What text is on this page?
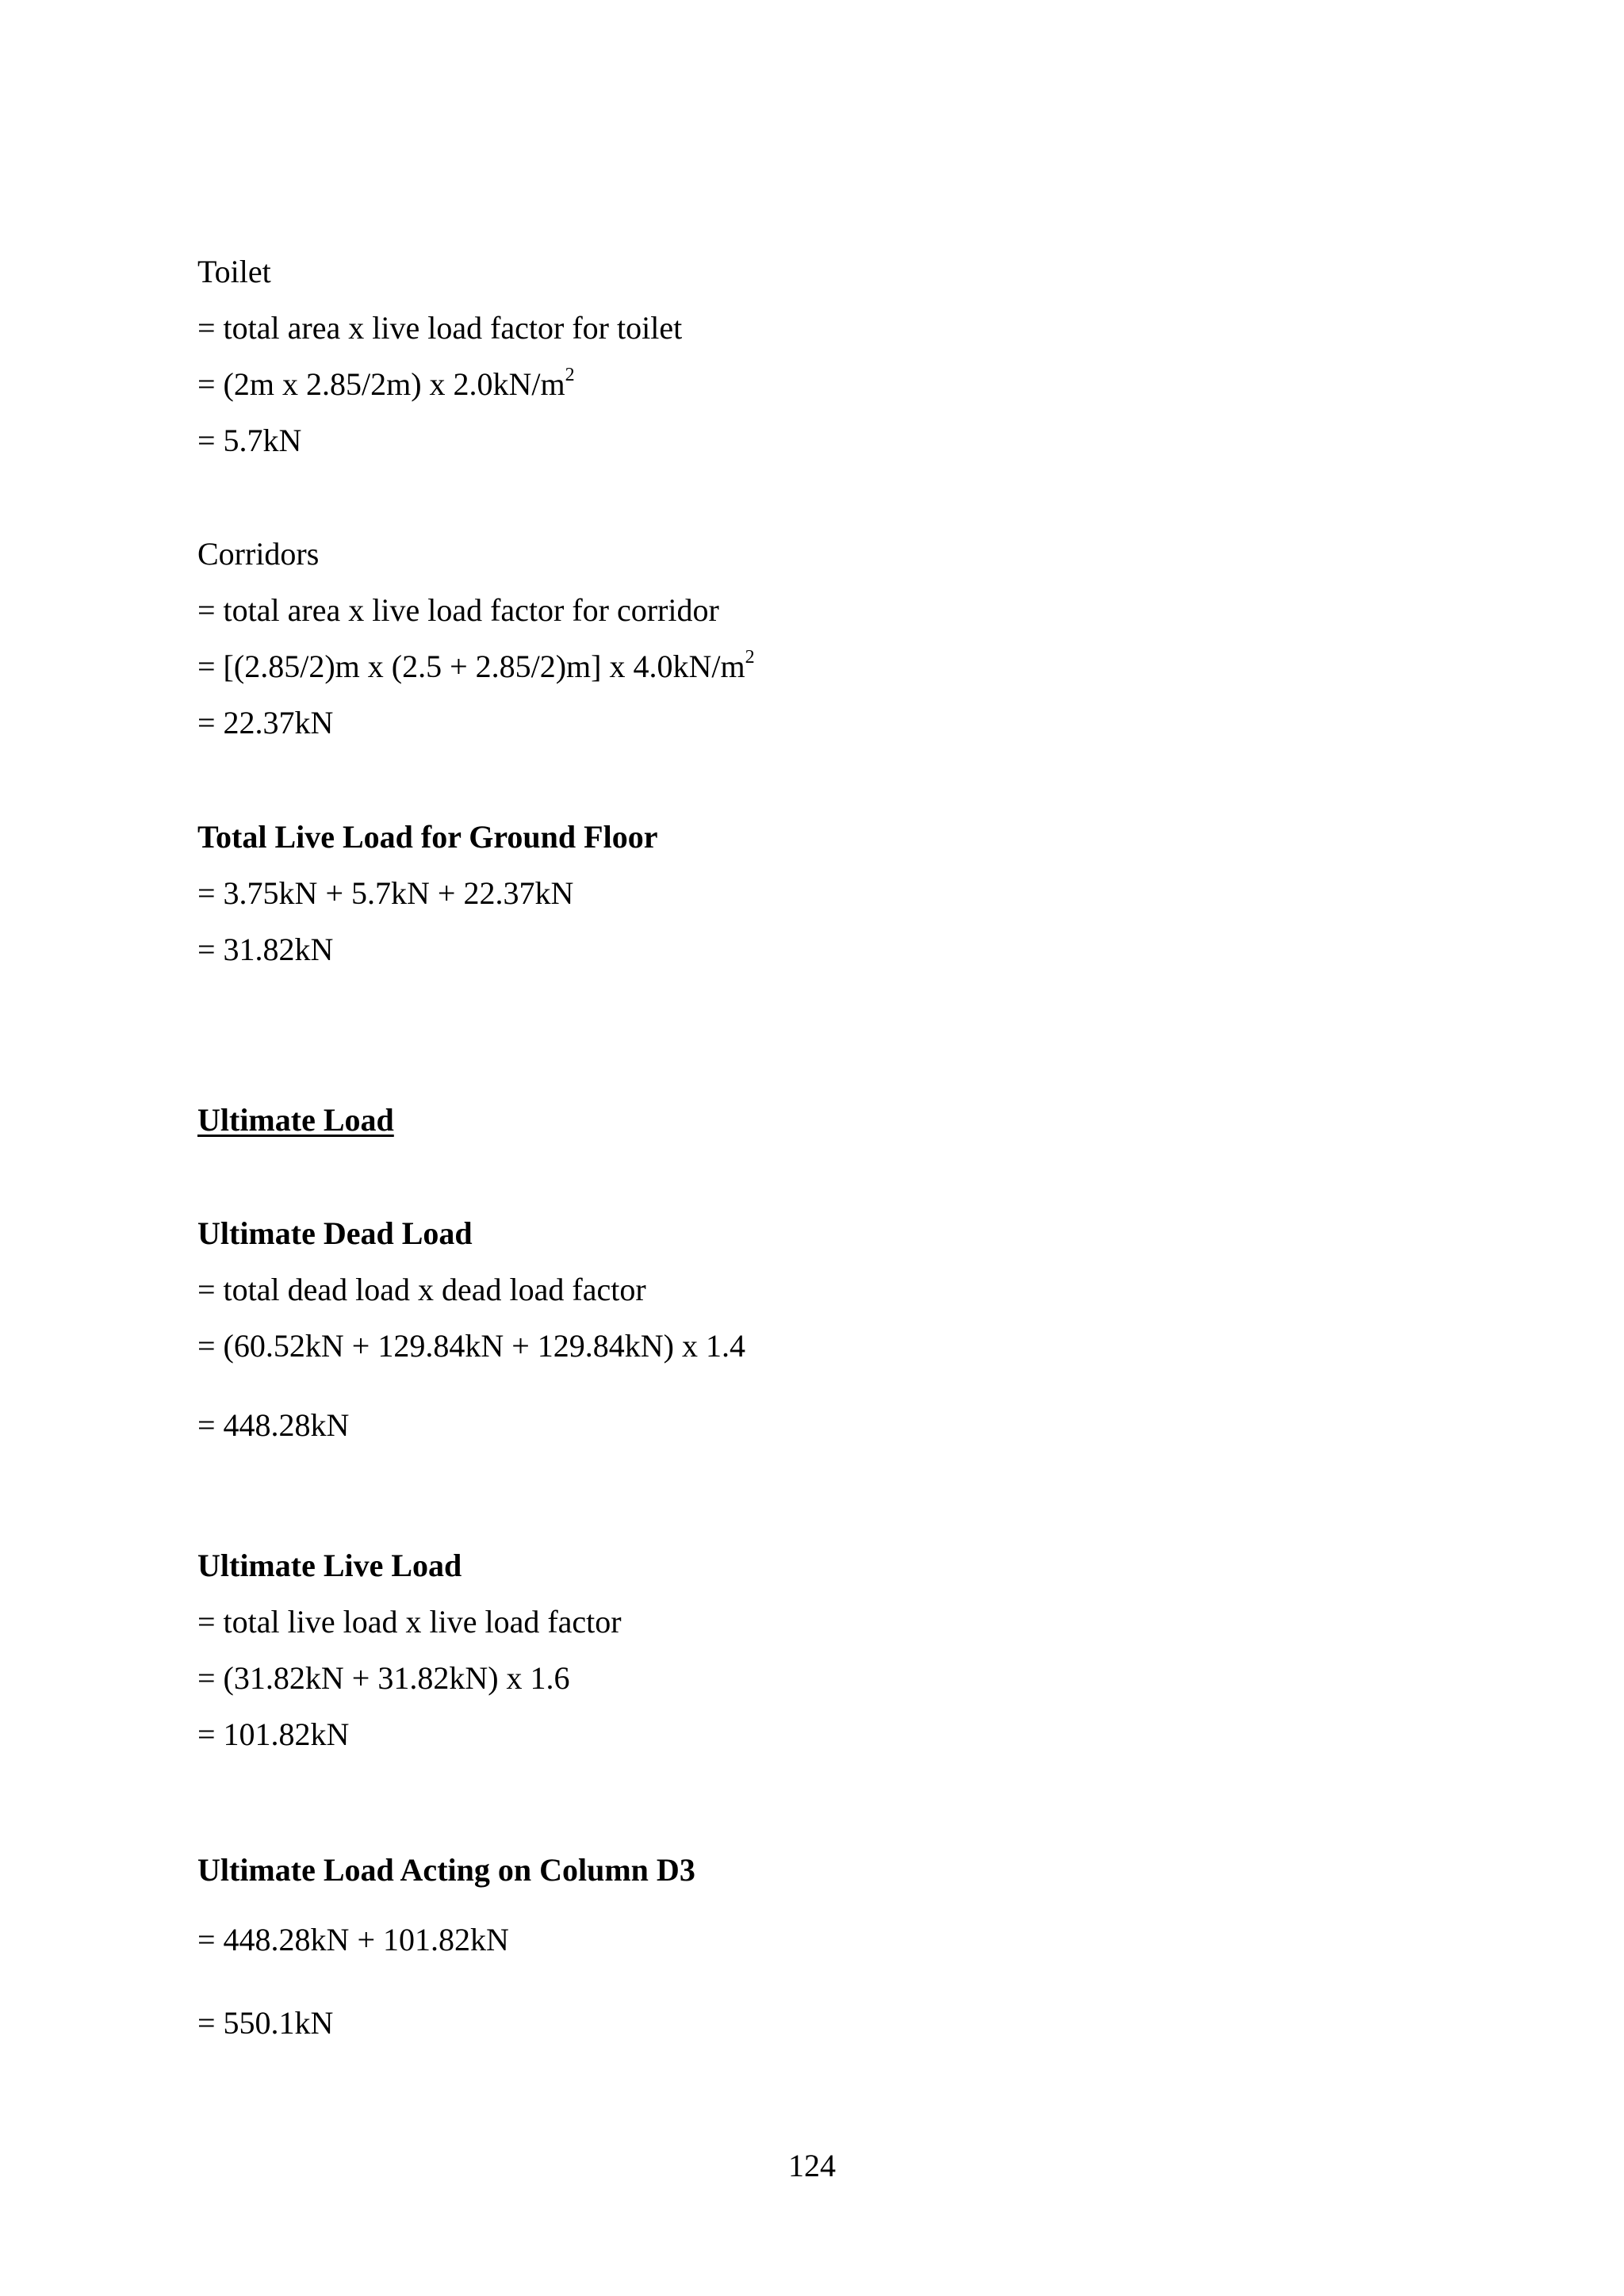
Toilet
= total area x live load factor for toilet
= (2m x 2.85/2m) x $2.0kN/m^2$
= 5.7kN
Corridors
= total area x live load factor for corridor
= [(2.85/2)m x (2.5 + 2.85/2)m] x $4.0kN/m^2$
= 22.37kN
Total Live Load for Ground Floor
= 3.75kN + 5.7kN + 22.37kN
= 31.82kN
Ultimate Load
Ultimate Dead Load
= total dead load x dead load factor
= (60.52kN + 129.84kN + 129.84kN) x 1.4
= 448.28kN
Ultimate Live Load
= total live load x live load factor
= (31.82kN + 31.82kN) x 1.6
= 101.82kN
Ultimate Load Acting on Column D3
= 448.28kN + 101.82kN
= 550.1kN
124
